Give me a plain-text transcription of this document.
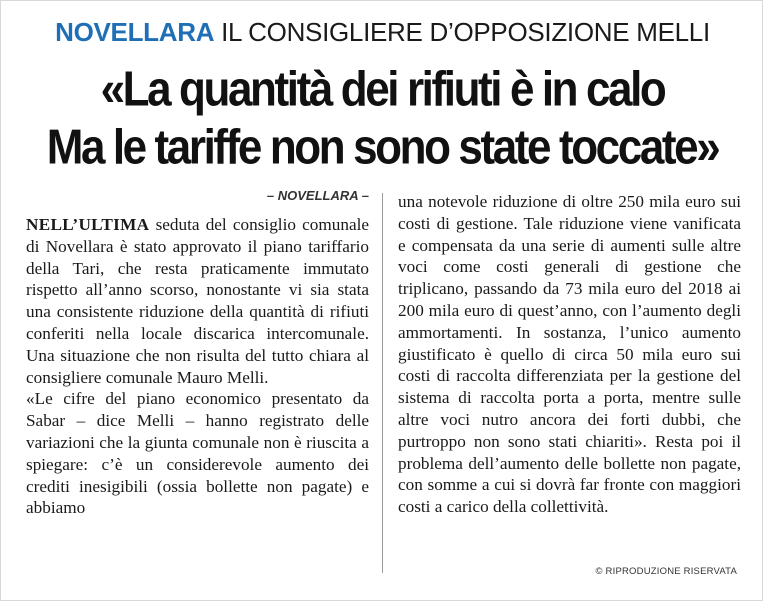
NOVELLARA IL CONSIGLIERE D’OPPOSIZIONE MELLI
«La quantità dei rifiuti è in calo
Ma le tariffe non sono state toccate»
– NOVELLARA –

NELL’ULTIMA seduta del consiglio comunale di Novellara è stato approvato il piano tariffario della Tari, che resta praticamente immutato rispetto all’anno scorso, nonostante vi sia stata una consistente riduzione della quantità di rifiuti conferiti nella locale discarica intercomunale. Una situazione che non risulta del tutto chiara al consigliere comunale Mauro Melli.

«Le cifre del piano economico presentato da Sabar – dice Melli – hanno registrato delle variazioni che la giunta comunale non è riuscita a spiegare: c’è un considerevole aumento dei crediti inesigibili (ossia bollette non pagate) e abbiamo

una notevole riduzione di oltre 250 mila euro sui costi di gestione. Tale riduzione viene vanificata e compensata da una serie di aumenti sulle altre voci come costi generali di gestione che triplicano, passando da 73 mila euro del 2018 ai 200 mila euro di quest’anno, con l’aumento degli ammortamenti. In sostanza, l’unico aumento giustificato è quello di circa 50 mila euro sui costi di raccolta differenziata per la gestione del sistema di raccolta porta a porta, mentre sulle altre voci nutro ancora dei forti dubbi, che purtroppo non sono stati chiariti». Resta poi il problema dell’aumento delle bollette non pagate, con somme a cui si dovrà far fronte con maggiori costi a carico della collettività.

© RIPRODUZIONE RISERVATA
